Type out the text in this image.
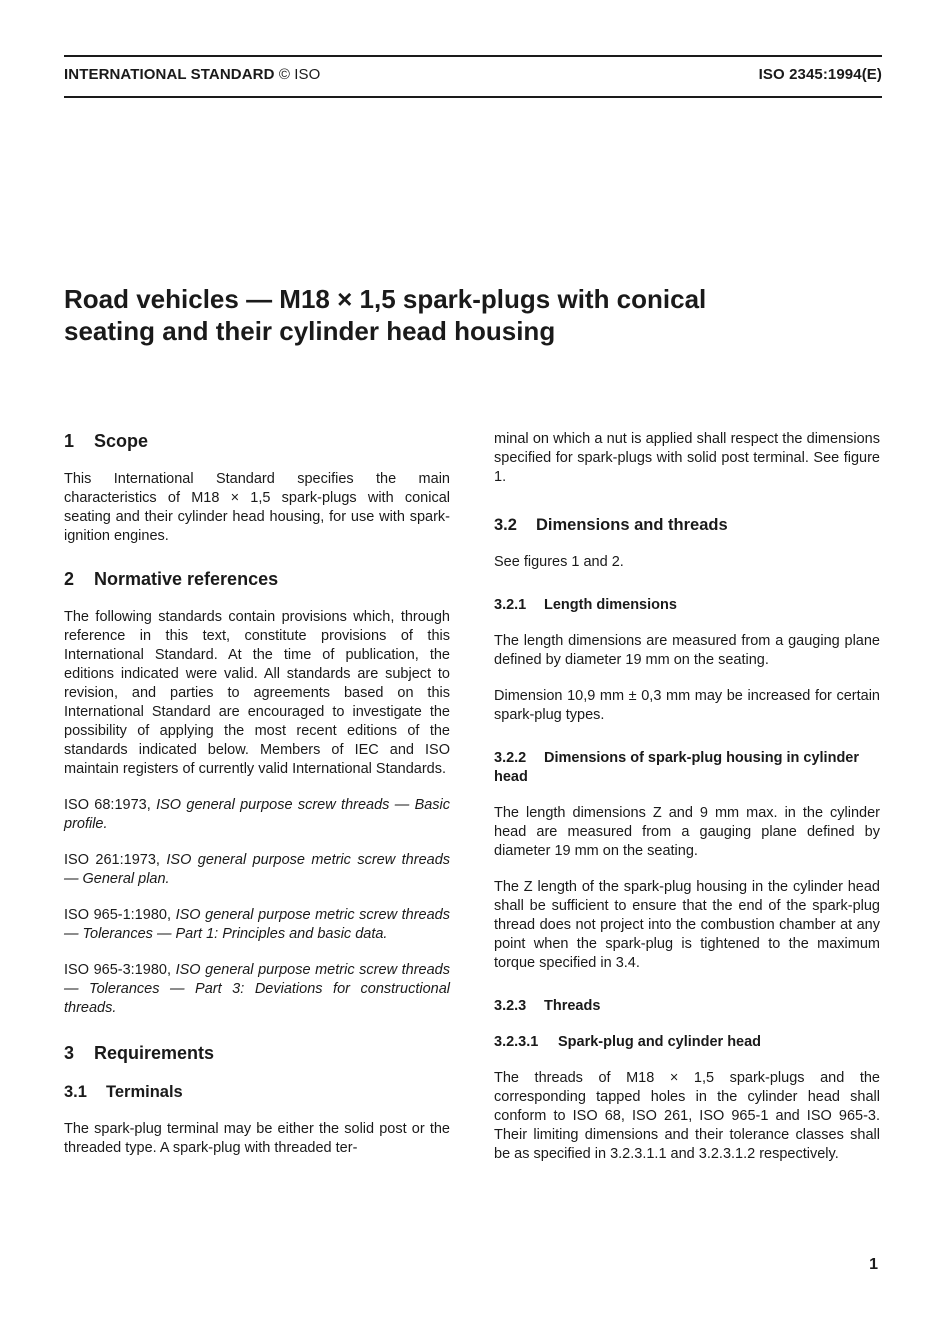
INTERNATIONAL STANDARD © ISO	ISO 2345:1994(E)
Road vehicles — M18 × 1,5 spark-plugs with conical
seating and their cylinder head housing
1 Scope

This International Standard specifies the main characteristics of M18 × 1,5 spark-plugs with conical seating and their cylinder head housing, for use with spark-ignition engines.

2 Normative references

The following standards contain provisions which, through reference in this text, constitute provisions of this International Standard. At the time of publication, the editions indicated were valid. All standards are subject to revision, and parties to agreements based on this International Standard are encouraged to investigate the possibility of applying the most recent editions of the standards indicated below. Members of IEC and ISO maintain registers of currently valid International Standards.

ISO 68:1973, ISO general purpose screw threads — Basic profile.

ISO 261:1973, ISO general purpose metric screw threads — General plan.

ISO 965-1:1980, ISO general purpose metric screw threads — Tolerances — Part 1: Principles and basic data.

ISO 965-3:1980, ISO general purpose metric screw threads — Tolerances — Part 3: Deviations for constructional threads.

3 Requirements
3.1 Terminals

The spark-plug terminal may be either the solid post or the threaded type. A spark-plug with threaded ter-

minal on which a nut is applied shall respect the dimensions specified for spark-plugs with solid post terminal. See figure 1.

3.2 Dimensions and threads

See figures 1 and 2.

3.2.1 Length dimensions

The length dimensions are measured from a gauging plane defined by diameter 19 mm on the seating.

Dimension 10,9 mm ± 0,3 mm may be increased for certain spark-plug types.

3.2.2 Dimensions of spark-plug housing in cylinder head

The length dimensions Z and 9 mm max. in the cylinder head are measured from a gauging plane defined by diameter 19 mm on the seating.

The Z length of the spark-plug housing in the cylinder head shall be sufficient to ensure that the end of the spark-plug thread does not project into the combustion chamber at any point when the spark-plug is tightened to the maximum torque specified in 3.4.

3.2.3 Threads
3.2.3.1 Spark-plug and cylinder head

The threads of M18 × 1,5 spark-plugs and the corresponding tapped holes in the cylinder head shall conform to ISO 68, ISO 261, ISO 965-1 and ISO 965-3. Their limiting dimensions and their tolerance classes shall be as specified in 3.2.3.1.1 and 3.2.3.1.2 respectively.

1
